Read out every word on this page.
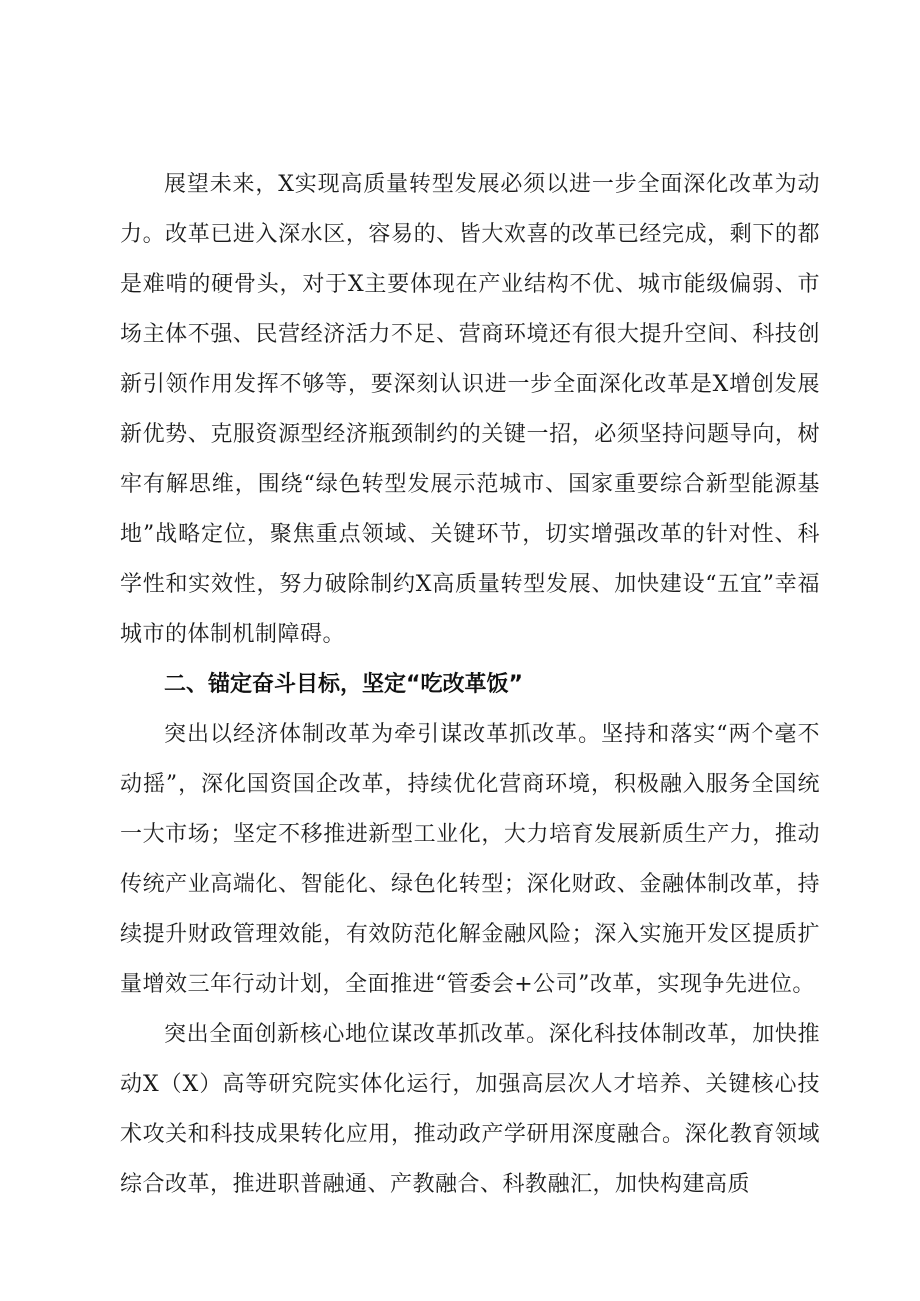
展望未来，X实现高质量转型发展必须以进一步全面深化改革为动力。改革已进入深水区，容易的、皆大欢喜的改革已经完成，剩下的都是难啃的硬骨头，对于X主要体现在产业结构不优、城市能级偏弱、市场主体不强、民营经济活力不足、营商环境还有很大提升空间、科技创新引领作用发挥不够等，要深刻认识进一步全面深化改革是X增创发展新优势、克服资源型经济瓶颈制约的关键一招，必须坚持问题导向，树牢有解思维，围绕“绿色转型发展示范城市、国家重要综合新型能源基地”战略定位，聚焦重点领域、关键环节，切实增强改革的针对性、科学性和实效性，努力破除制约X高质量转型发展、加快建设“五宜”幸福城市的体制机制障碍。

二、锚定奋斗目标，坚定“吃改革饭”

突出以经济体制改革为牵引谋改革抓改革。坚持和落实“两个毫不动摇”，深化国资国企改革，持续优化营商环境，积极融入服务全国统一大市场；坚定不移推进新型工业化，大力培育发展新质生产力，推动传统产业高端化、智能化、绿色化转型；深化财政、金融体制改革，持续提升财政管理效能，有效防范化解金融风险；深入实施开发区提质扩量增效三年行动计划，全面推进“管委会+公司”改革，实现争先进位。

突出全面创新核心地位谋改革抓改革。深化科技体制改革，加快推动X（X）高等研究院实体化运行，加强高层次人才培养、关键核心技术攻关和科技成果转化应用，推动政产学研用深度融合。深化教育领域综合改革，推进职普融通、产教融合、科教融汇，加快构建高质
